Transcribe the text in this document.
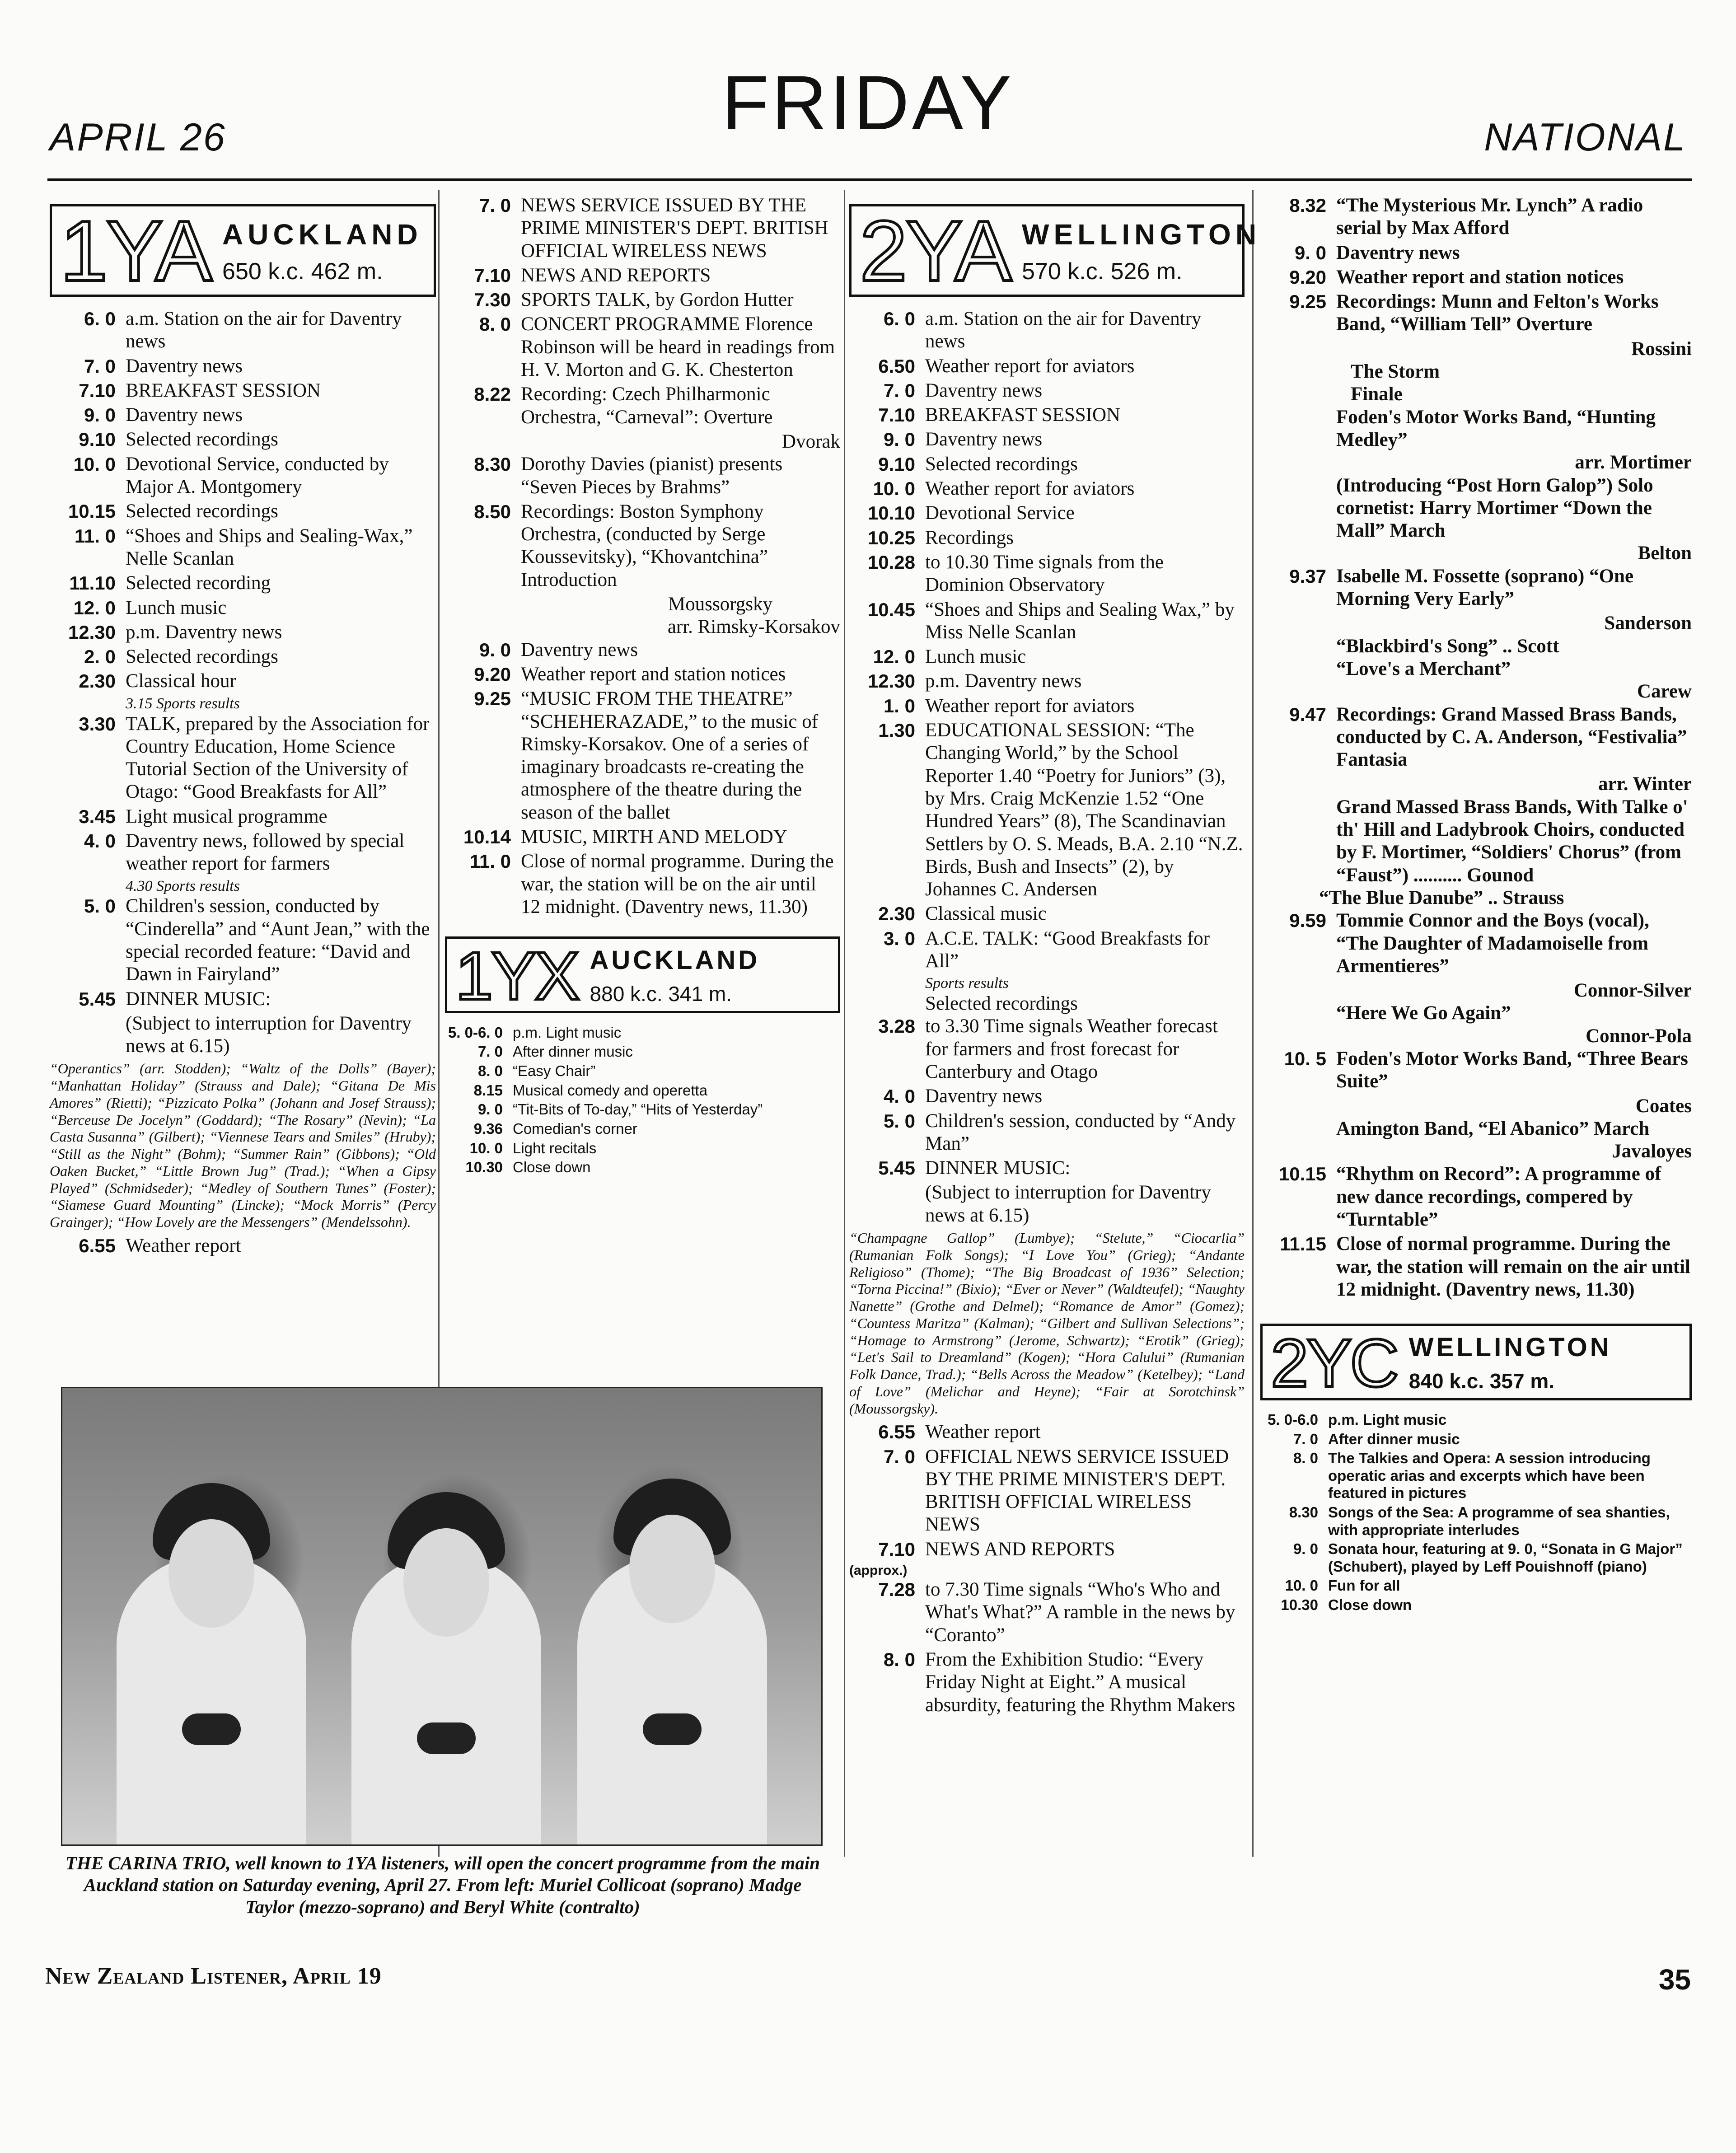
APRIL 26	FRIDAY	NATIONAL
1YA AUCKLAND
650 k.c. 462 m.
6. 0 a.m. Station on the air for Daventry news
7. 0 Daventry news
7.10 BREAKFAST SESSION
9. 0 Daventry news
9.10 Selected recordings
10. 0 Devotional Service, conducted by Major A. Montgomery
10.15 Selected recordings
11. 0 “Shoes and Ships and Sealing-Wax,” Nelle Scanlan
11.10 Selected recording
12. 0 Lunch music
12.30 p.m. Daventry news
2. 0 Selected recordings
2.30 Classical hour
3.15 Sports results
3.30 TALK, prepared by the Association for Country Education, Home Science Tutorial Section of the University of Otago: “Good Breakfasts for All”
3.45 Light musical programme
4. 0 Daventry news, followed by special weather report for farmers
4.30 Sports results
5. 0 Children's session, conducted by “Cinderella” and “Aunt Jean,” with the special recorded feature: “David and Dawn in Fairyland”
5.45 DINNER MUSIC:
(Subject to interruption for Daventry news at 6.15)
“Operantics” (arr. Stodden); “Waltz of the Dolls” (Bayer); “Manhattan Holiday” (Strauss and Dale); “Gitana De Mis Amores” (Rietti); “Pizzicato Polka” (Johann and Josef Strauss); “Berceuse De Jocelyn” (Goddard); “The Rosary” (Nevin); “La Casta Susanna” (Gilbert); “Viennese Tears and Smiles” (Hruby); “Still as the Night” (Bohm); “Summer Rain” (Gibbons); “Old Oaken Bucket,” “Little Brown Jug” (Trad.); “When a Gipsy Played” (Schmidseder); “Medley of Southern Tunes” (Foster); “Siamese Guard Mounting” (Lincke); “Mock Morris” (Percy Grainger); “How Lovely are the Messengers” (Mendelssohn).
6.55 Weather report
7. 0 NEWS SERVICE ISSUED BY THE PRIME MINISTER'S DEPT. BRITISH OFFICIAL WIRELESS NEWS
7.10 NEWS AND REPORTS
7.30 SPORTS TALK, by Gordon Hutter
8. 0 CONCERT PROGRAMME Florence Robinson will be heard in readings from H. V. Morton and G. K. Chesterton
8.22 Recording: Czech Philharmonic Orchestra, “Carneval”: Overture
Dvorak
8.30 Dorothy Davies (pianist) presents “Seven Pieces by Brahms”
8.50 Recordings: Boston Symphony Orchestra, (conducted by Serge Koussevitsky), “Khovantchina” Introduction
Moussorgsky
arr. Rimsky-Korsakov
9. 0 Daventry news
9.20 Weather report and station notices
9.25 “MUSIC FROM THE THEATRE” “SCHEHERAZADE,” to the music of Rimsky-Korsakov. One of a series of imaginary broadcasts re-creating the atmosphere of the theatre during the season of the ballet
10.14 MUSIC, MIRTH AND MELODY
11. 0 Close of normal programme. During the war, the station will be on the air until 12 midnight. (Daventry news, 11.30)
1YX AUCKLAND
880 k.c. 341 m.
5. 0-6. 0 p.m. Light music
7. 0 After dinner music
8. 0 “Easy Chair”
8.15 Musical comedy and operetta
9. 0 “Tit-Bits of To-day,” “Hits of Yesterday”
9.36 Comedian's corner
10. 0 Light recitals
10.30 Close down
2YA WELLINGTON
570 k.c. 526 m.
6. 0 a.m. Station on the air for Daventry news
6.50 Weather report for aviators
7. 0 Daventry news
7.10 BREAKFAST SESSION
9. 0 Daventry news
9.10 Selected recordings
10. 0 Weather report for aviators
10.10 Devotional Service
10.25 Recordings
10.28 to 10.30 Time signals from the Dominion Observatory
10.45 “Shoes and Ships and Sealing Wax,” by Miss Nelle Scanlan
12. 0 Lunch music
12.30 p.m. Daventry news
1. 0 Weather report for aviators
1.30 EDUCATIONAL SESSION: “The Changing World,” by the School Reporter 1.40 “Poetry for Juniors” (3), by Mrs. Craig McKenzie 1.52 “One Hundred Years” (8), The Scandinavian Settlers by O. S. Meads, B.A. 2.10 “N.Z. Birds, Bush and Insects” (2), by Johannes C. Andersen
2.30 Classical music
3. 0 A.C.E. TALK: “Good Breakfasts for All”
Sports results
Selected recordings
3.28 to 3.30 Time signals Weather forecast for farmers and frost forecast for Canterbury and Otago
4. 0 Daventry news
5. 0 Children's session, conducted by “Andy Man”
5.45 DINNER MUSIC:
(Subject to interruption for Daventry news at 6.15)
“Champagne Gallop” (Lumbye); “Stelute,” “Ciocarlia” (Rumanian Folk Songs); “I Love You” (Grieg); “Andante Religioso” (Thome); “The Big Broadcast of 1936” Selection; “Torna Piccina!” (Bixio); “Ever or Never” (Waldteufel); “Naughty Nanette” (Grothe and Delmel); “Romance de Amor” (Gomez); “Countess Maritza” (Kalman); “Gilbert and Sullivan Selections”; “Homage to Armstrong” (Jerome, Schwartz); “Erotik” (Grieg); “Let's Sail to Dreamland” (Kogen); “Hora Calului” (Rumanian Folk Dance, Trad.); “Bells Across the Meadow” (Ketelbey); “Land of Love” (Melichar and Heyne); “Fair at Sorotchinsk” (Moussorgsky).
6.55 Weather report
7. 0 OFFICIAL NEWS SERVICE ISSUED BY THE PRIME MINISTER'S DEPT. BRITISH OFFICIAL WIRELESS NEWS
7.10 NEWS AND REPORTS
(approx.)
7.28 to 7.30 Time signals “Who's Who and What's What?” A ramble in the news by “Coranto”
8. 0 From the Exhibition Studio: “Every Friday Night at Eight.” A musical absurdity, featuring the Rhythm Makers
8.32 “The Mysterious Mr. Lynch” A radio serial by Max Afford
9. 0 Daventry news
9.20 Weather report and station notices
9.25 Recordings: Munn and Felton's Works Band, “William Tell” Overture
Rossini
The Storm
Finale
Foden's Motor Works Band, “Hunting Medley”
arr. Mortimer
(Introducing “Post Horn Galop”) Solo cornetist: Harry Mortimer “Down the Mall” March
Belton
9.37 Isabelle M. Fossette (soprano) “One Morning Very Early”
Sanderson
“Blackbird's Song” .. Scott
“Love's a Merchant”
Carew
9.47 Recordings: Grand Massed Brass Bands, conducted by C. A. Anderson, “Festivalia” Fantasia
arr. Winter
Grand Massed Brass Bands, With Talke o' th' Hill and Ladybrook Choirs, conducted by F. Mortimer, “Soldiers' Chorus” (from “Faust”) .......... Gounod
“The Blue Danube” .. Strauss
9.59 Tommie Connor and the Boys (vocal), “The Daughter of Madamoiselle from Armentieres”
Connor-Silver
“Here We Go Again”
Connor-Pola
10. 5 Foden's Motor Works Band, “Three Bears Suite”
Coates
Amington Band, “El Abanico” March
Javaloyes
10.15 “Rhythm on Record”: A programme of new dance recordings, compered by “Turntable”
11.15 Close of normal programme. During the war, the station will remain on the air until 12 midnight. (Daventry news, 11.30)
2YC WELLINGTON
840 k.c. 357 m.
5. 0-6.0 p.m. Light music
7. 0 After dinner music
8. 0 The Talkies and Opera: A session introducing operatic arias and excerpts which have been featured in pictures
8.30 Songs of the Sea: A programme of sea shanties, with appropriate interludes
9. 0 Sonata hour, featuring at 9. 0, “Sonata in G Major” (Schubert), played by Leff Pouishnoff (piano)
10. 0 Fun for all
10.30 Close down
THE CARINA TRIO, well known to 1YA listeners, will open the concert programme from the main Auckland station on Saturday evening, April 27. From left: Muriel Collicoat (soprano) Madge Taylor (mezzo-soprano) and Beryl White (contralto)
New Zealand Listener, April 19	35
